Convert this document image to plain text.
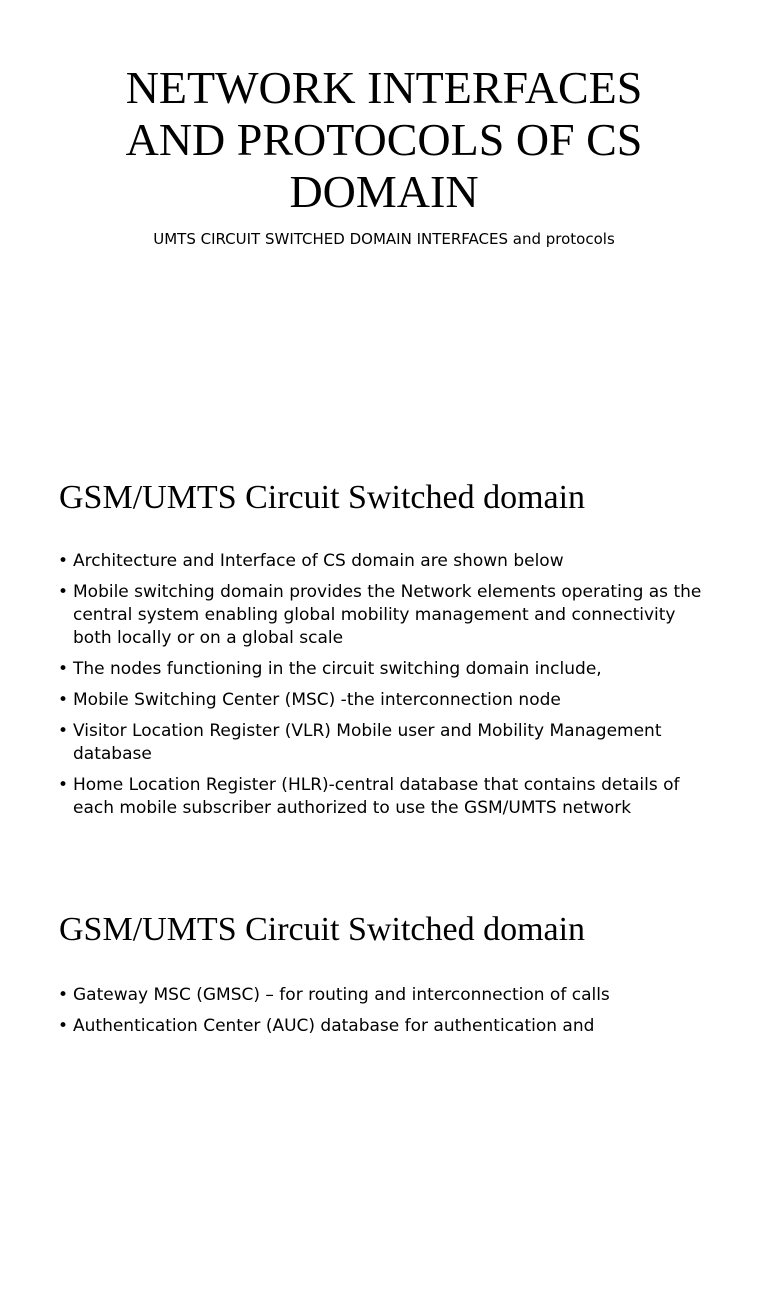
NETWORK INTERFACES
AND PROTOCOLS OF CS
DOMAIN

UMTS CIRCUIT SWITCHED DOMAIN INTERFACES and protocols

GSM/UMTS Circuit Switched domain
• Architecture and Interface of CS domain are shown below
• Mobile switching domain provides the Network elements operating as the central system enabling global mobility management and connectivity both locally or on a global scale
• The nodes functioning in the circuit switching domain include,
• Mobile Switching Center (MSC) -the interconnection node
• Visitor Location Register (VLR) Mobile user and Mobility Management database
• Home Location Register (HLR)-central database that contains details of each mobile subscriber authorized to use the GSM/UMTS network
GSM/UMTS Circuit Switched domain
• Gateway MSC (GMSC) – for routing and interconnection of calls
• Authentication Center (AUC) database for authentication and
